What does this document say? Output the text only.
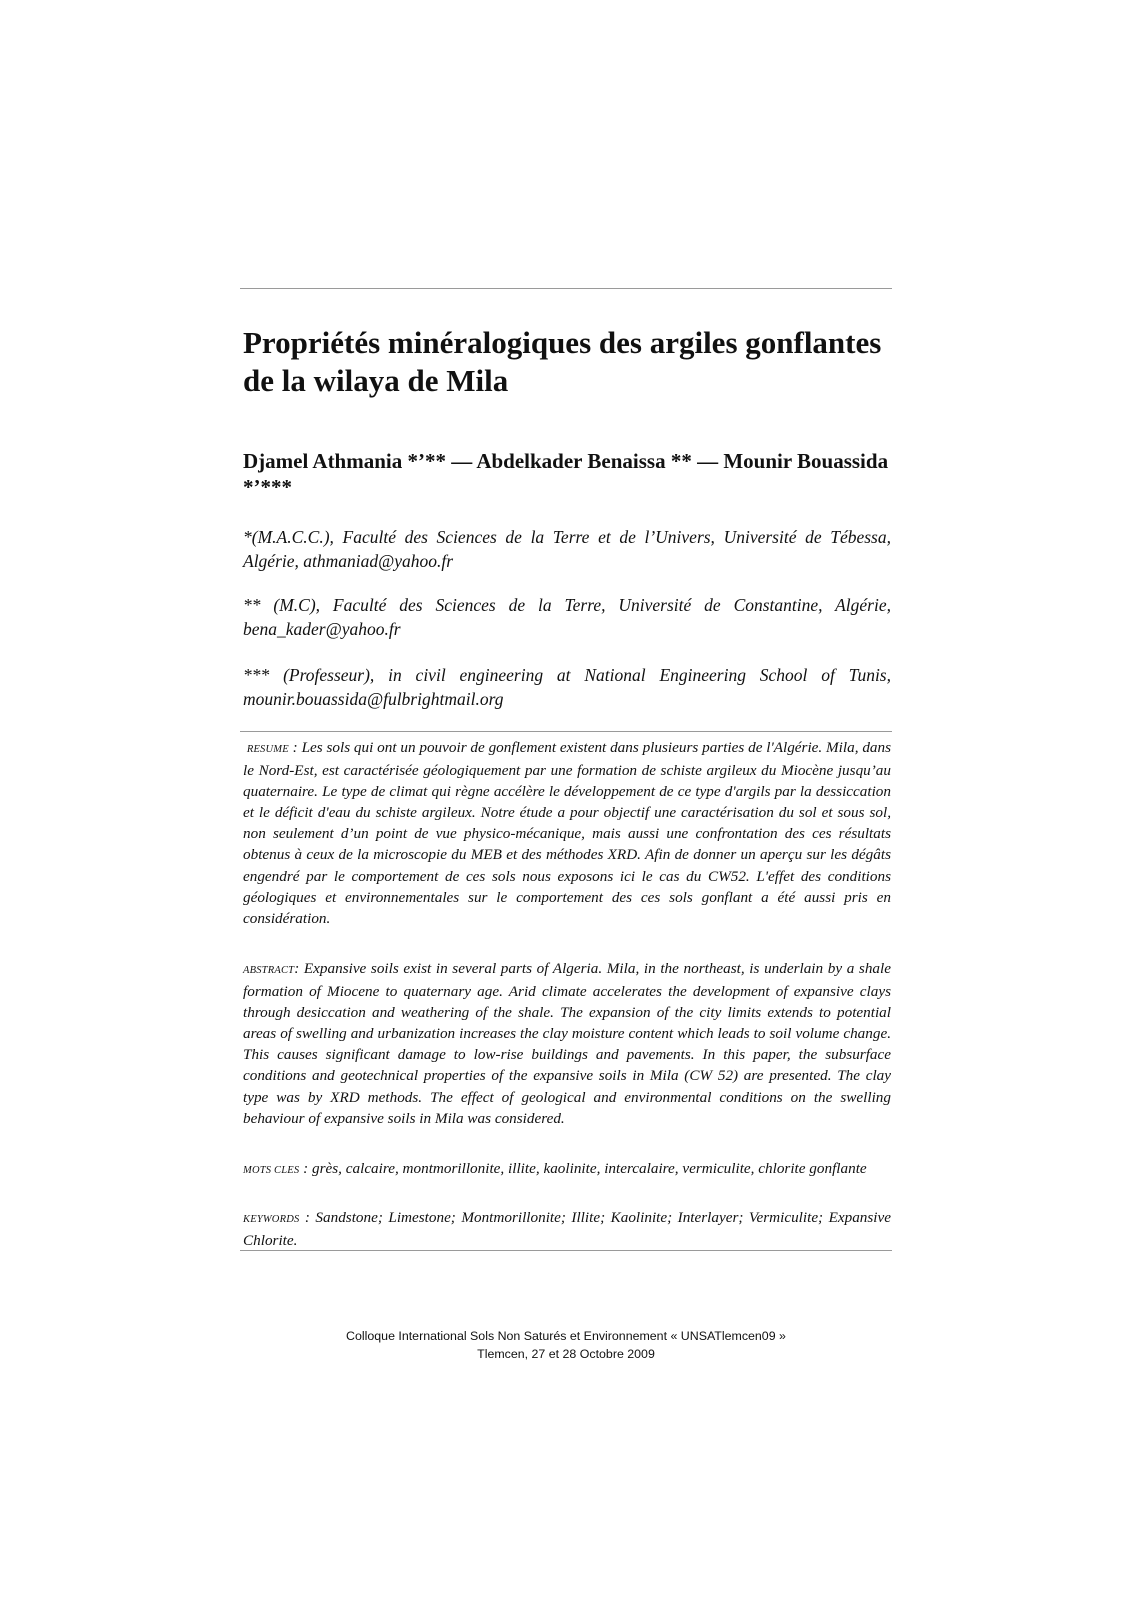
Propriétés minéralogiques des argiles gonflantes de la wilaya de Mila

Djamel Athmania *’** — Abdelkader Benaissa ** — Mounir Bouassida *’***

*(M.A.C.C.), Faculté des Sciences de la Terre et de l’Univers, Université de Tébessa, Algérie, athmaniad@yahoo.fr

** (M.C), Faculté des Sciences de la Terre, Université de Constantine, Algérie, bena_kader@yahoo.fr

*** (Professeur), in civil engineering at National Engineering School of Tunis, mounir.bouassida@fulbrightmail.org

RESUME : Les sols qui ont un pouvoir de gonflement existent dans plusieurs parties de l'Algérie. Mila, dans le Nord-Est, est caractérisée géologiquement par une formation de schiste argileux du Miocène jusqu’au quaternaire. Le type de climat qui règne accélère le développement de ce type d'argils par la dessiccation et le déficit d'eau du schiste argileux. Notre étude a pour objectif une caractérisation du sol et sous sol, non seulement d’un point de vue physico-mécanique, mais aussi une confrontation des ces résultats obtenus à ceux de la microscopie du MEB et des méthodes XRD. Afin de donner un aperçu sur les dégâts engendré par le comportement de ces sols nous exposons ici le cas du CW52. L'effet des conditions géologiques et environnementales sur le comportement des ces sols gonflant a été aussi pris en considération.

ABSTRACT: Expansive soils exist in several parts of Algeria. Mila, in the northeast, is underlain by a shale formation of Miocene to quaternary age. Arid climate accelerates the development of expansive clays through desiccation and weathering of the shale. The expansion of the city limits extends to potential areas of swelling and urbanization increases the clay moisture content which leads to soil volume change. This causes significant damage to low-rise buildings and pavements. In this paper, the subsurface conditions and geotechnical properties of the expansive soils in Mila (CW 52) are presented. The clay type was by XRD methods. The effect of geological and environmental conditions on the swelling behaviour of expansive soils in Mila was considered.

MOTS CLES : grès, calcaire, montmorillonite, illite, kaolinite, intercalaire, vermiculite, chlorite gonflante

KEYWORDS : Sandstone; Limestone; Montmorillonite; Illite; Kaolinite; Interlayer; Vermiculite; Expansive Chlorite.

Colloque International Sols Non Saturés et Environnement « UNSATlemcen09 »

Tlemcen, 27 et 28 Octobre 2009
